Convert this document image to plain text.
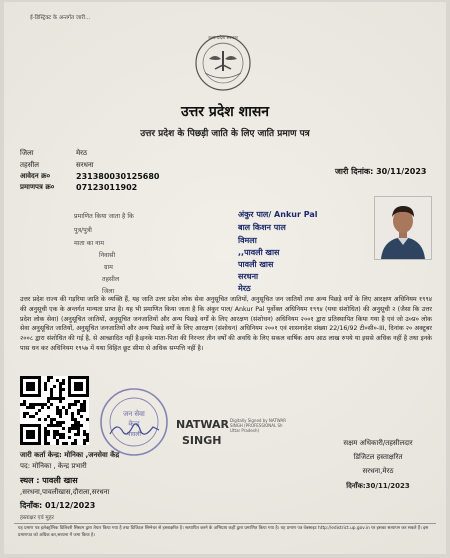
ई-डिस्ट्रिक्ट के अन्तर्गत जारी...
उत्तर प्रदेश सरकार
उत्तर प्रदेश शासन
उत्तर प्रदेश के पिछड़ी जाति के लिए जाति प्रमाण पत्र
जिला	मेरठ
तहसील	सरधना
आवेदन क्र०	231380030125680
प्रमाणपत्र क्र०	07123011902
जारी दिनांक: 30/11/2023
प्रमाणित किया जाता है कि	अंकुर पाल/ Ankur Pal
पुत्र/पुत्री	बाल किशन पाल
माता का नाम	विमला
निवासी	,,पावली खास
ग्राम	पावली खास
तहसील	सरधना
जिला	मेरठ
उत्तर प्रदेश राज्य की गड़रिया जाति के व्यक्ति हैं, यह जाति उत्तर प्रदेश लोक सेवा अनुसूचित जातियों, अनुसूचित जन जातियों तथा अन्य पिछड़े वर्गों के लिए आरक्षण अधिनियम १९९४ की अनुसूची एक के अन्तर्गत मान्यता प्राप्त है। यह भी प्रमाणित किया जाता है कि अंकुर पाल/ Ankur Pal पूर्वोक्त अधिनियम १९९४ (यथा संशोधित) की अनुसूची २ (जैसा कि उत्तर प्रदेश लोक सेवा) (अनुसूचित जातियों, अनुसूचित जनजातियों और अन्य पिछड़े वर्गों के लिए आरक्षण (संशोधन) अधिनियम २००१ द्वारा प्रतिस्थापित किया गया है एवं जो उ०प्र० लोक सेवा अनुसूचित जातियों, अनुसूचित जनजातियों और अन्य पिछड़े वर्गों के लिए आरक्षण (संशोधन) अधिनियम २००१ एवं शासनादेश संख्या 22/16/92 टी०सी०-III, दिनांक २० अक्टूबर २००८ द्वारा संशोधित की गई है, से आच्छादित नहीं है।इनके माता-पिता की निरन्तर तीन वर्षों की अवधि के लिए सकल वार्षिक आय आठ लाख रुपये या इससे अधिक नहीं है तथा इनके पास धन कर अधिनियम १९५७ में यथा विहित छूट सीमा से अधिक सम्पत्ति नहीं है।
जन सेवा
केन्द्र
पावली
NATWAR
SINGH
Digitally Signed by NATWAR SINGH (PROFESSIONAL Sh Uttar Pradesh)
सक्षम अधिकारी/तहसीलदार
डिजिटल हस्ताक्षरित
सरधना,मेरठ
दिनाँक:30/11/2023
जारी कर्ता केन्द्र: मोनिका ,जनसेवा केंद्र
पद: मोनिका , केन्द्र प्रभारी
स्थल : पावली खास
,सरधना,पावलीखास,दौराला,सरधना
दिनाँक: 01/12/2023
हस्ताक्षर एवं मुहर
यह प्रमाण पत्र इलेक्ट्रॉनिक डिलिवरी सिस्टम द्वारा तैयार किया गया है तथा डिजिटल सिग्नेचर से हस्ताक्षरित है। सत्यापित करने के अभिप्राय कहीं द्वारा प्रमाणित किया गया है। यह प्रमाण पत्र वेबसाइट http://edistrict.up.gov.in पर इसका सत्यापन कर सकते हैं। इस प्रमाणपत्र को अधिक कर,सरधना में जमा किया है।
